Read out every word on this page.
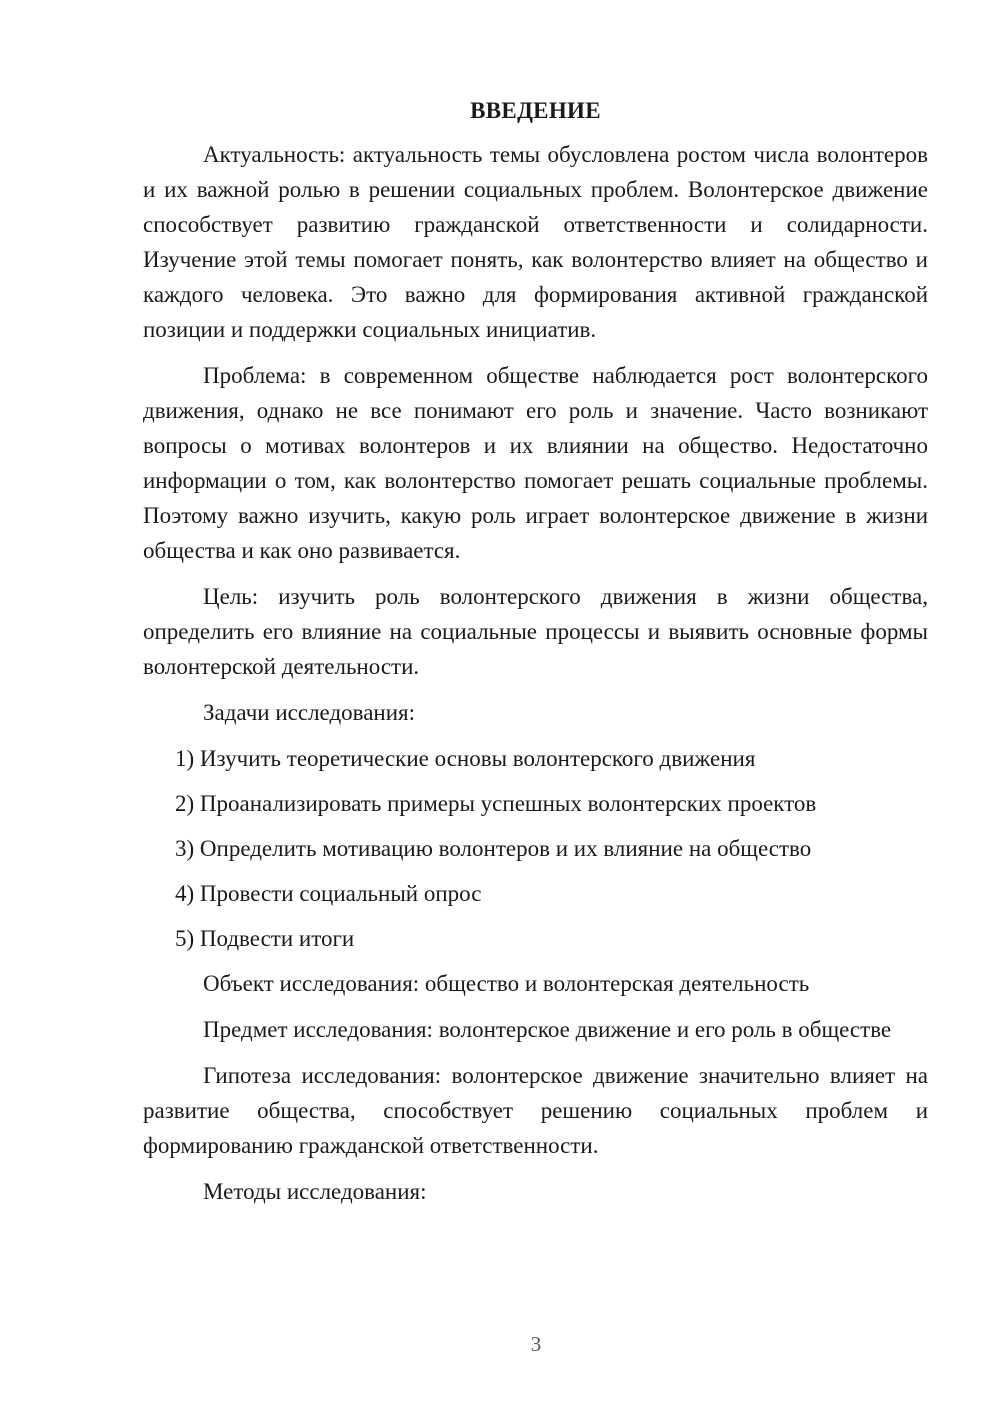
ВВЕДЕНИЕ

Актуальность: актуальность темы обусловлена ростом числа волонтеров и их важной ролью в решении социальных проблем. Волонтерское движение способствует развитию гражданской ответственности и солидарности. Изучение этой темы помогает понять, как волонтерство влияет на общество и каждого человека. Это важно для формирования активной гражданской позиции и поддержки социальных инициатив.

Проблема: в современном обществе наблюдается рост волонтерского движения, однако не все понимают его роль и значение. Часто возникают вопросы о мотивах волонтеров и их влиянии на общество. Недостаточно информации о том, как волонтерство помогает решать социальные проблемы. Поэтому важно изучить, какую роль играет волонтерское движение в жизни общества и как оно развивается.

Цель: изучить роль волонтерского движения в жизни общества, определить его влияние на социальные процессы и выявить основные формы волонтерской деятельности.

Задачи исследования:

1) Изучить теоретические основы волонтерского движения
2) Проанализировать примеры успешных волонтерских проектов
3) Определить мотивацию волонтеров и их влияние на общество
4) Провести социальный опрос
5) Подвести итоги

Объект исследования: общество и волонтерская деятельность

Предмет исследования: волонтерское движение и его роль в обществе

Гипотеза исследования: волонтерское движение значительно влияет на развитие общества, способствует решению социальных проблем и формированию гражданской ответственности.

Методы исследования:

3
